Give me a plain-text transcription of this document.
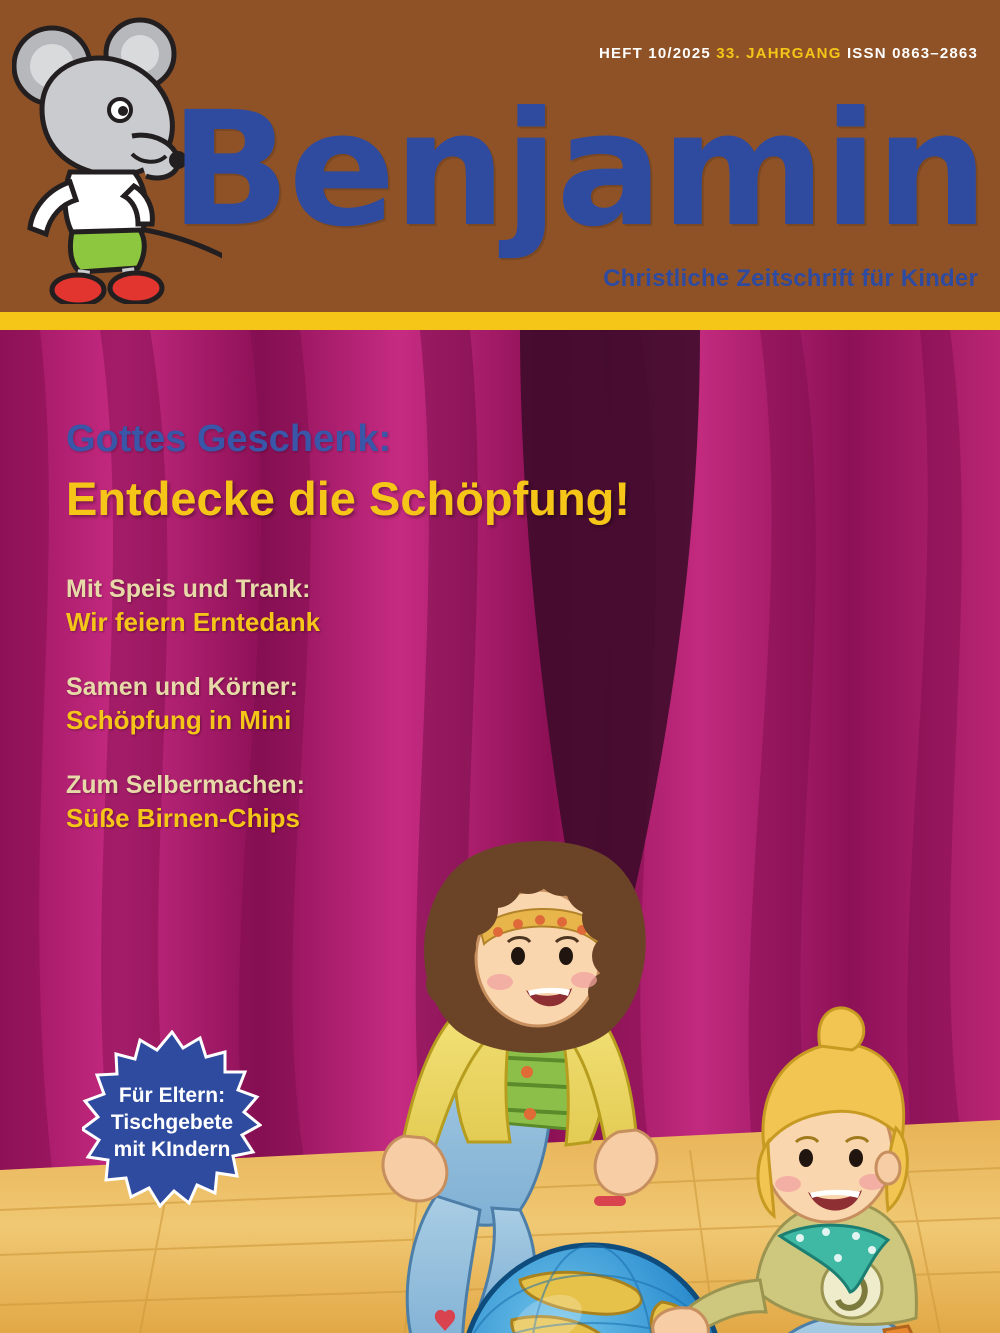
Gottes Geschenk:
Entdecke die Schöpfung!
Mit Speis und Trank:
Wir feiern Erntedank
Samen und Körner:
Schöpfung in Mini
Zum Selbermachen:
Süße Birnen-Chips
Für Eltern:
Tischgebete
mit KIndern
HEFT 10/2025 33. JAHRGANG ISSN 0863–2863
Benjamin
Christliche Zeitschrift für Kinder
